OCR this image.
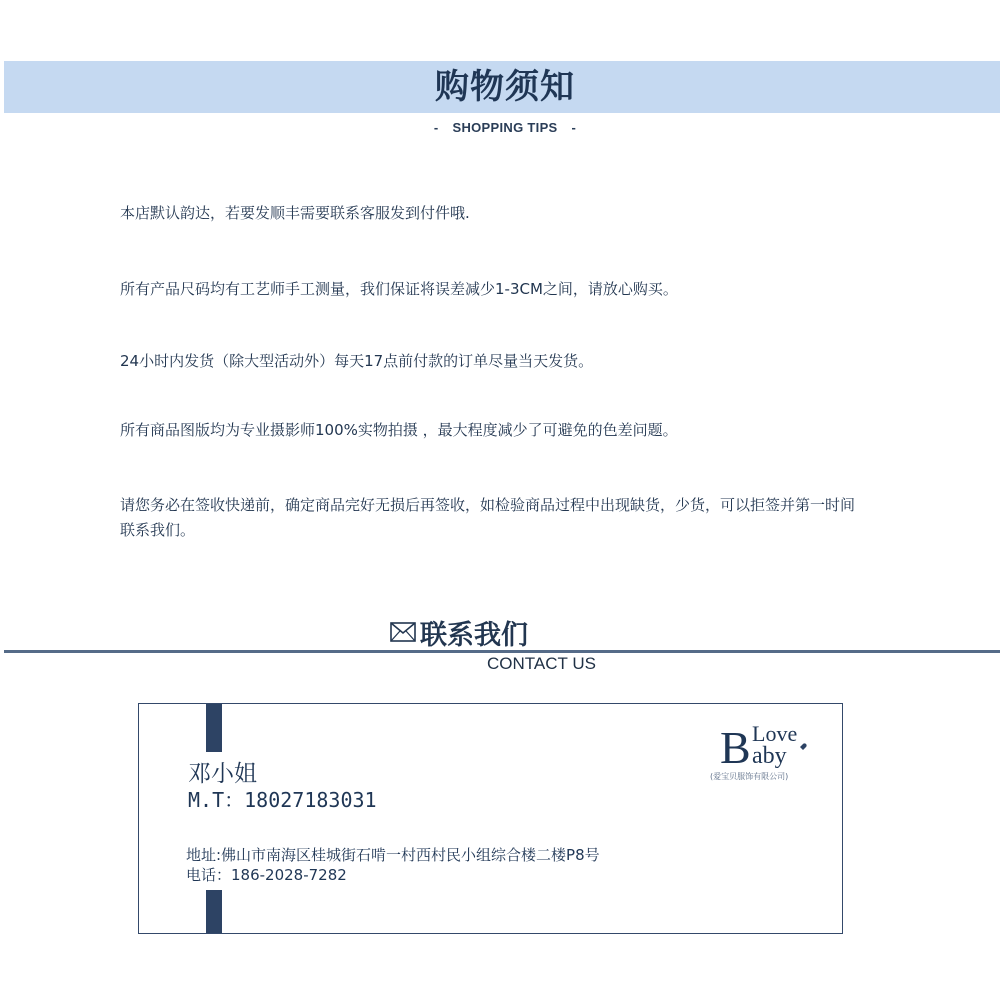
购物须知
- SHOPPING TIPS -
本店默认韵达，若要发顺丰需要联系客服发到付件哦.
所有产品尺码均有工艺师手工测量，我们保证将误差减少1-3CM之间，请放心购买。
24小时内发货（除大型活动外）每天17点前付款的订单尽量当天发货。
所有商品图版均为专业摄影师100%实物拍摄 ，最大程度减少了可避免的色差问题。
请您务必在签收快递前，确定商品完好无损后再签收，如检验商品过程中出现缺货，少货，可以拒签并第一时间联系我们。
联系我们
CONTACT US
邓小姐
M.T：18027183031
地址:佛山市南海区桂城街石啃一村西村民小组综合楼二楼P8号
电话：186-2028-7282
B Love
aby
(爱宝贝服饰有限公司)
